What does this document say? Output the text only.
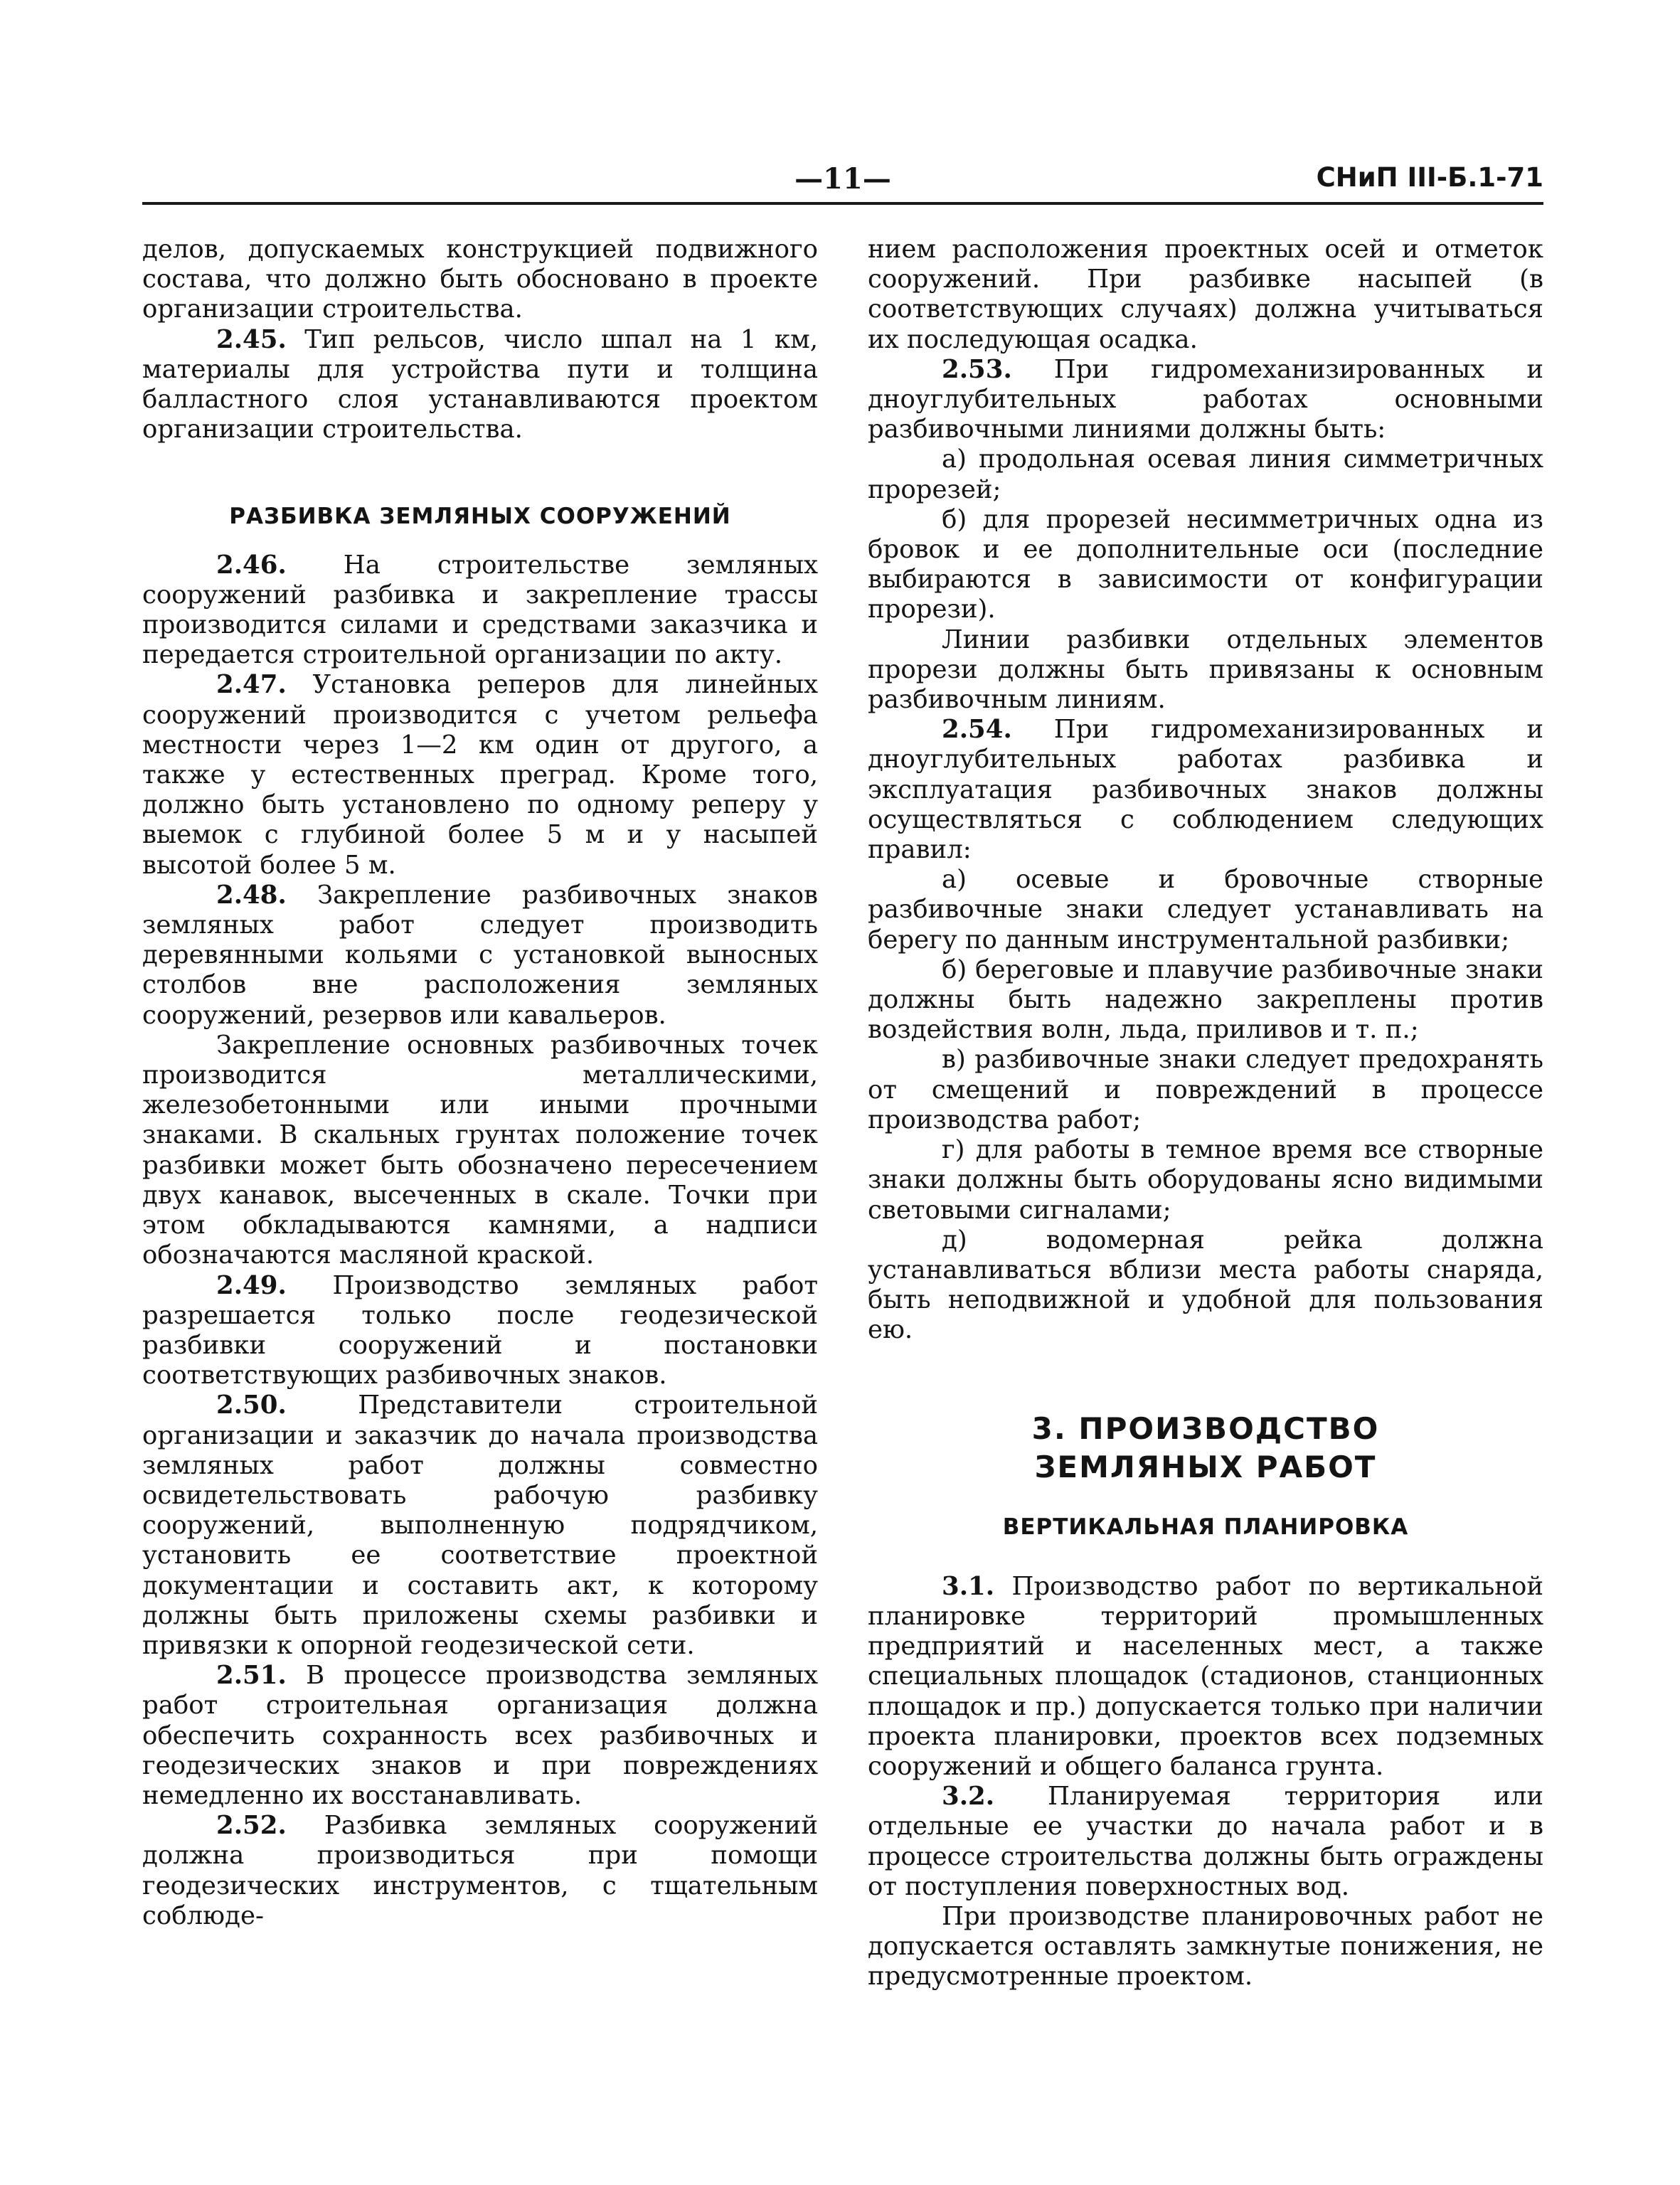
—11—	СНиП III-Б.1-71

делов, допускаемых конструкцией подвижного состава, что должно быть обосновано в проекте организации строительства.

2.45. Тип рельсов, число шпал на 1 км, материалы для устройства пути и толщина балластного слоя устанавливаются проектом организации строительства.

РАЗБИВКА ЗЕМЛЯНЫХ СООРУЖЕНИЙ

2.46. На строительстве земляных сооружений разбивка и закрепление трассы производится силами и средствами заказчика и передается строительной организации по акту.

2.47. Установка реперов для линейных сооружений производится с учетом рельефа местности через 1—2 км один от другого, а также у естественных преград. Кроме того, должно быть установлено по одному реперу у выемок с глубиной более 5 м и у насыпей высотой более 5 м.

2.48. Закрепление разбивочных знаков земляных работ следует производить деревянными кольями с установкой выносных столбов вне расположения земляных сооружений, резервов или кавальеров.

Закрепление основных разбивочных точек производится металлическими, железобетонными или иными прочными знаками. В скальных грунтах положение точек разбивки может быть обозначено пересечением двух канавок, высеченных в скале. Точки при этом обкладываются камнями, а надписи обозначаются масляной краской.

2.49. Производство земляных работ разрешается только после геодезической разбивки сооружений и постановки соответствующих разбивочных знаков.

2.50. Представители строительной организации и заказчик до начала производства земляных работ должны совместно освидетельствовать рабочую разбивку сооружений, выполненную подрядчиком, установить ее соответствие проектной документации и составить акт, к которому должны быть приложены схемы разбивки и привязки к опорной геодезической сети.

2.51. В процессе производства земляных работ строительная организация должна обеспечить сохранность всех разбивочных и геодезических знаков и при повреждениях немедленно их восстанавливать.

2.52. Разбивка земляных сооружений должна производиться при помощи геодезических инструментов, с тщательным соблюде-

нием расположения проектных осей и отметок сооружений. При разбивке насыпей (в соответствующих случаях) должна учитываться их последующая осадка.

2.53. При гидромеханизированных и дноуглубительных работах основными разбивочными линиями должны быть:

а) продольная осевая линия симметричных прорезей;

б) для прорезей несимметричных одна из бровок и ее дополнительные оси (последние выбираются в зависимости от конфигурации прорези).

Линии разбивки отдельных элементов прорези должны быть привязаны к основным разбивочным линиям.

2.54. При гидромеханизированных и дноуглубительных работах разбивка и эксплуатация разбивочных знаков должны осуществляться с соблюдением следующих правил:

а) осевые и бровочные створные разбивочные знаки следует устанавливать на берегу по данным инструментальной разбивки;

б) береговые и плавучие разбивочные знаки должны быть надежно закреплены против воздействия волн, льда, приливов и т. п.;

в) разбивочные знаки следует предохранять от смещений и повреждений в процессе производства работ;

г) для работы в темное время все створные знаки должны быть оборудованы ясно видимыми световыми сигналами;

д) водомерная рейка должна устанавливаться вблизи места работы снаряда, быть неподвижной и удобной для пользования ею.

3. ПРОИЗВОДСТВО
ЗЕМЛЯНЫХ РАБОТ
ВЕРТИКАЛЬНАЯ ПЛАНИРОВКА

3.1. Производство работ по вертикальной планировке территорий промышленных предприятий и населенных мест, а также специальных площадок (стадионов, станционных площадок и пр.) допускается только при наличии проекта планировки, проектов всех подземных сооружений и общего баланса грунта.

3.2. Планируемая территория или отдельные ее участки до начала работ и в процессе строительства должны быть ограждены от поступления поверхностных вод.

При производстве планировочных работ не допускается оставлять замкнутые понижения, не предусмотренные проектом.
